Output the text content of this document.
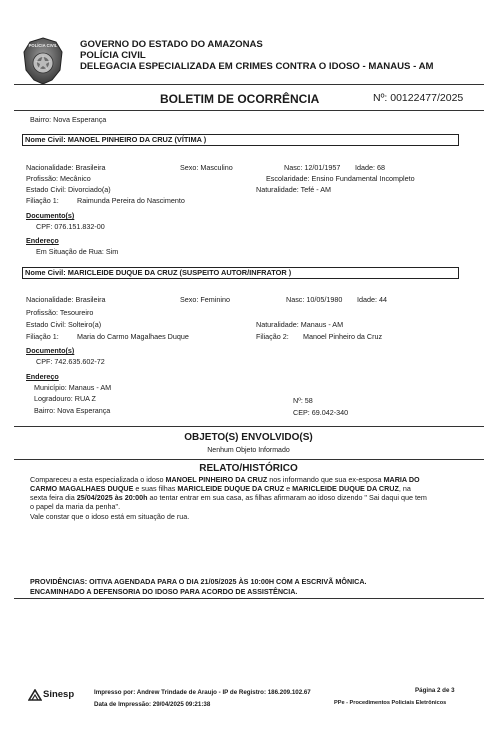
POLÍCIA CIVIL GOVERNO DO ESTADO DO AMAZONAS
POLÍCIA CIVIL
DELEGACIA ESPECIALIZADA EM CRIMES CONTRA O IDOSO - MANAUS - AM
BOLETIM DE OCORRÊNCIA	Nº: 00122477/2025
Bairro: Nova Esperança
Nome Civil: MANOEL PINHEIRO DA CRUZ (VÍTIMA )
Nacionalidade: Brasileira	Sexo: Masculino	Nasc: 12/01/1957 Idade: 68
Profissão: Mecânico	Escolaridade: Ensino Fundamental Incompleto
Estado Civil: Divorciado(a)	Naturalidade: Tefé - AM
Filiação 1:	Raimunda Pereira do Nascimento
Documento(s)
CPF: 076.151.832-00
Endereço
Em Situação de Rua: Sim
Nome Civil: MARICLEIDE DUQUE DA CRUZ (SUSPEITO AUTOR/INFRATOR )
Nacionalidade: Brasileira	Sexo: Feminino	Nasc: 10/05/1980 Idade: 44
Profissão: Tesoureiro
Estado Civil: Solteiro(a)	Naturalidade: Manaus - AM
Filiação 1:	Maria do Carmo Magalhaes Duque	Filiação 2: Manoel Pinheiro da Cruz
Documento(s)
CPF: 742.635.602-72
Endereço
Município: Manaus - AM
Logradouro: RUA Z	Nº: 58
Bairro: Nova Esperança	CEP: 69.042-340
OBJETO(S) ENVOLVIDO(S)
Nenhum Objeto Informado
RELATO/HISTÓRICO
Compareceu a esta especializada o idoso MANOEL PINHEIRO DA CRUZ nos informando que sua ex-esposa MARIA DO
CARMO MAGALHAES DUQUE e suas filhas MARICLEIDE DUQUE DA CRUZ e MARICLEIDE DUQUE DA CRUZ, na
sexta feira dia 25/04/2025 às 20:00h ao tentar entrar em sua casa, as filhas afirmaram ao idoso dizendo " Sai daqui que tem
o papel da maria da penha".
Vale constar que o idoso está em situação de rua.
PROVIDÊNCIAS: OITIVA AGENDADA PARA O DIA 21/05/2025 ÀS 10:00H COM A ESCRIVÃ MÔNICA.
ENCAMINHADO A DEFENSORIA DO IDOSO PARA ACORDO DE ASSISTÊNCIA.
Sinesp	Impresso por: Andrew Trindade de Araujo - IP de Registro: 186.209.102.67
Data de Impressão: 29/04/2025 09:21:38
Página 2 de 3
PPe - Procedimentos Policiais Eletrônicos
